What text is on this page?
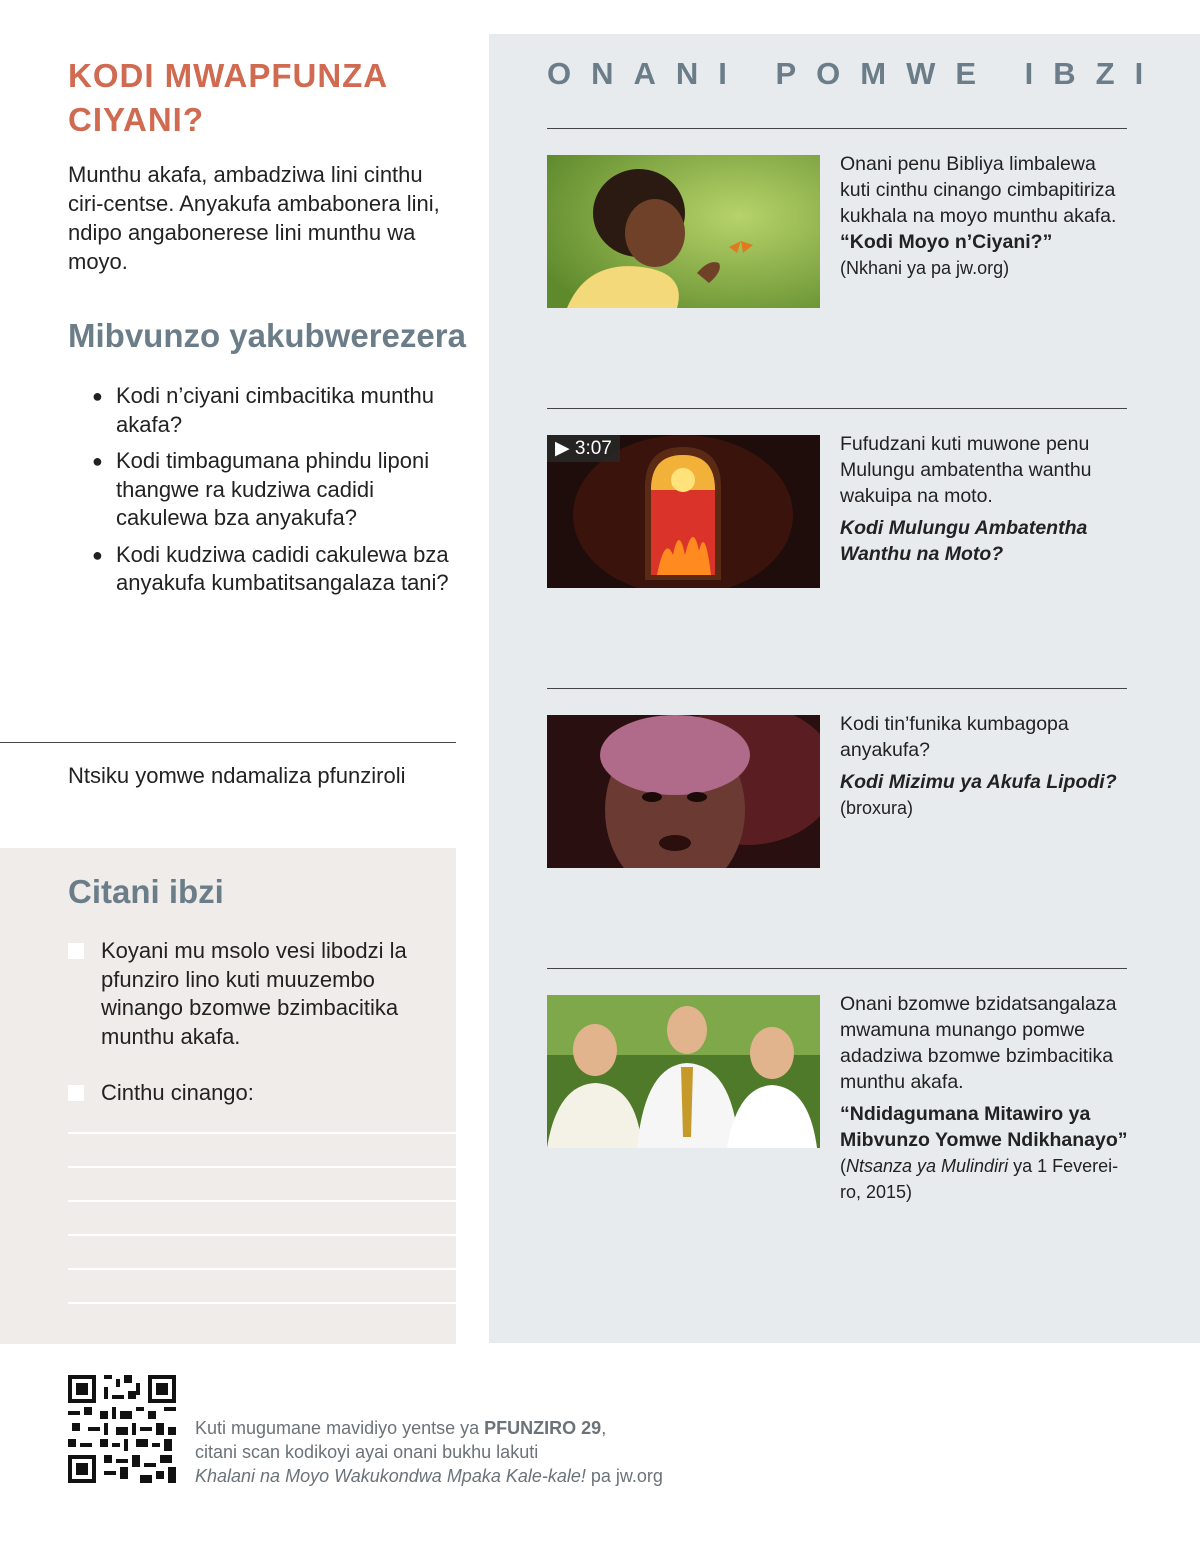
KODI MWAPFUNZA CIYANI?
Munthu akafa, ambadziwa lini cinthu ciri-centse. Anyakufa ambabonera lini, ndipo angabonerese lini munthu wa moyo.
Mibvunzo yakubwerezera
● Kodi n’ciyani cimbacitika munthu akafa?
● Kodi timbagumana phindu liponi thangwe ra kudziwa cadidi cakulewa bza anyakufa?
● Kodi kudziwa cadidi cakulewa bza anyakufa kumbatitsangalaza tani?
Ntsiku yomwe ndamaliza pfunziroli
Citani ibzi
Koyani mu msolo vesi libodzi la pfunziro lino kuti muuzembo winango bzomwe bzimbacitika munthu akafa.
Cinthu cinango:
ONANI POMWE IBZI
Onani penu Bibliya limbalewa kuti cinthu cinango cimbapitiriza kukhala na moyo munthu akafa. “Kodi Moyo n’Ciyani?”
(Nkhani ya pa jw.org)
▶ 3:07	Fufudzani kuti muwone penu Mulungu ambatentha wanthu wakuipa na moto.
Kodi Mulungu Ambatentha Wanthu na Moto?
Kodi tin’funika kumbagopa anyakufa?
Kodi Mizimu ya Akufa Lipodi?
(broxura)
Onani bzomwe bzidatsangalaza mwamuna munango pomwe adadziwa bzomwe bzimbacitika munthu akafa.
“Ndidagumana Mitawiro ya Mibvunzo Yomwe Ndikhanayo”
(Ntsanza ya Mulindiri ya 1 Fevereiro, 2015)
Kuti mugumane mavidiyo yentse ya PFUNZIRO 29,
citani scan kodikoyi ayai onani bukhu lakuti
Khalani na Moyo Wakukondwa Mpaka Kale-kale! pa jw.org
